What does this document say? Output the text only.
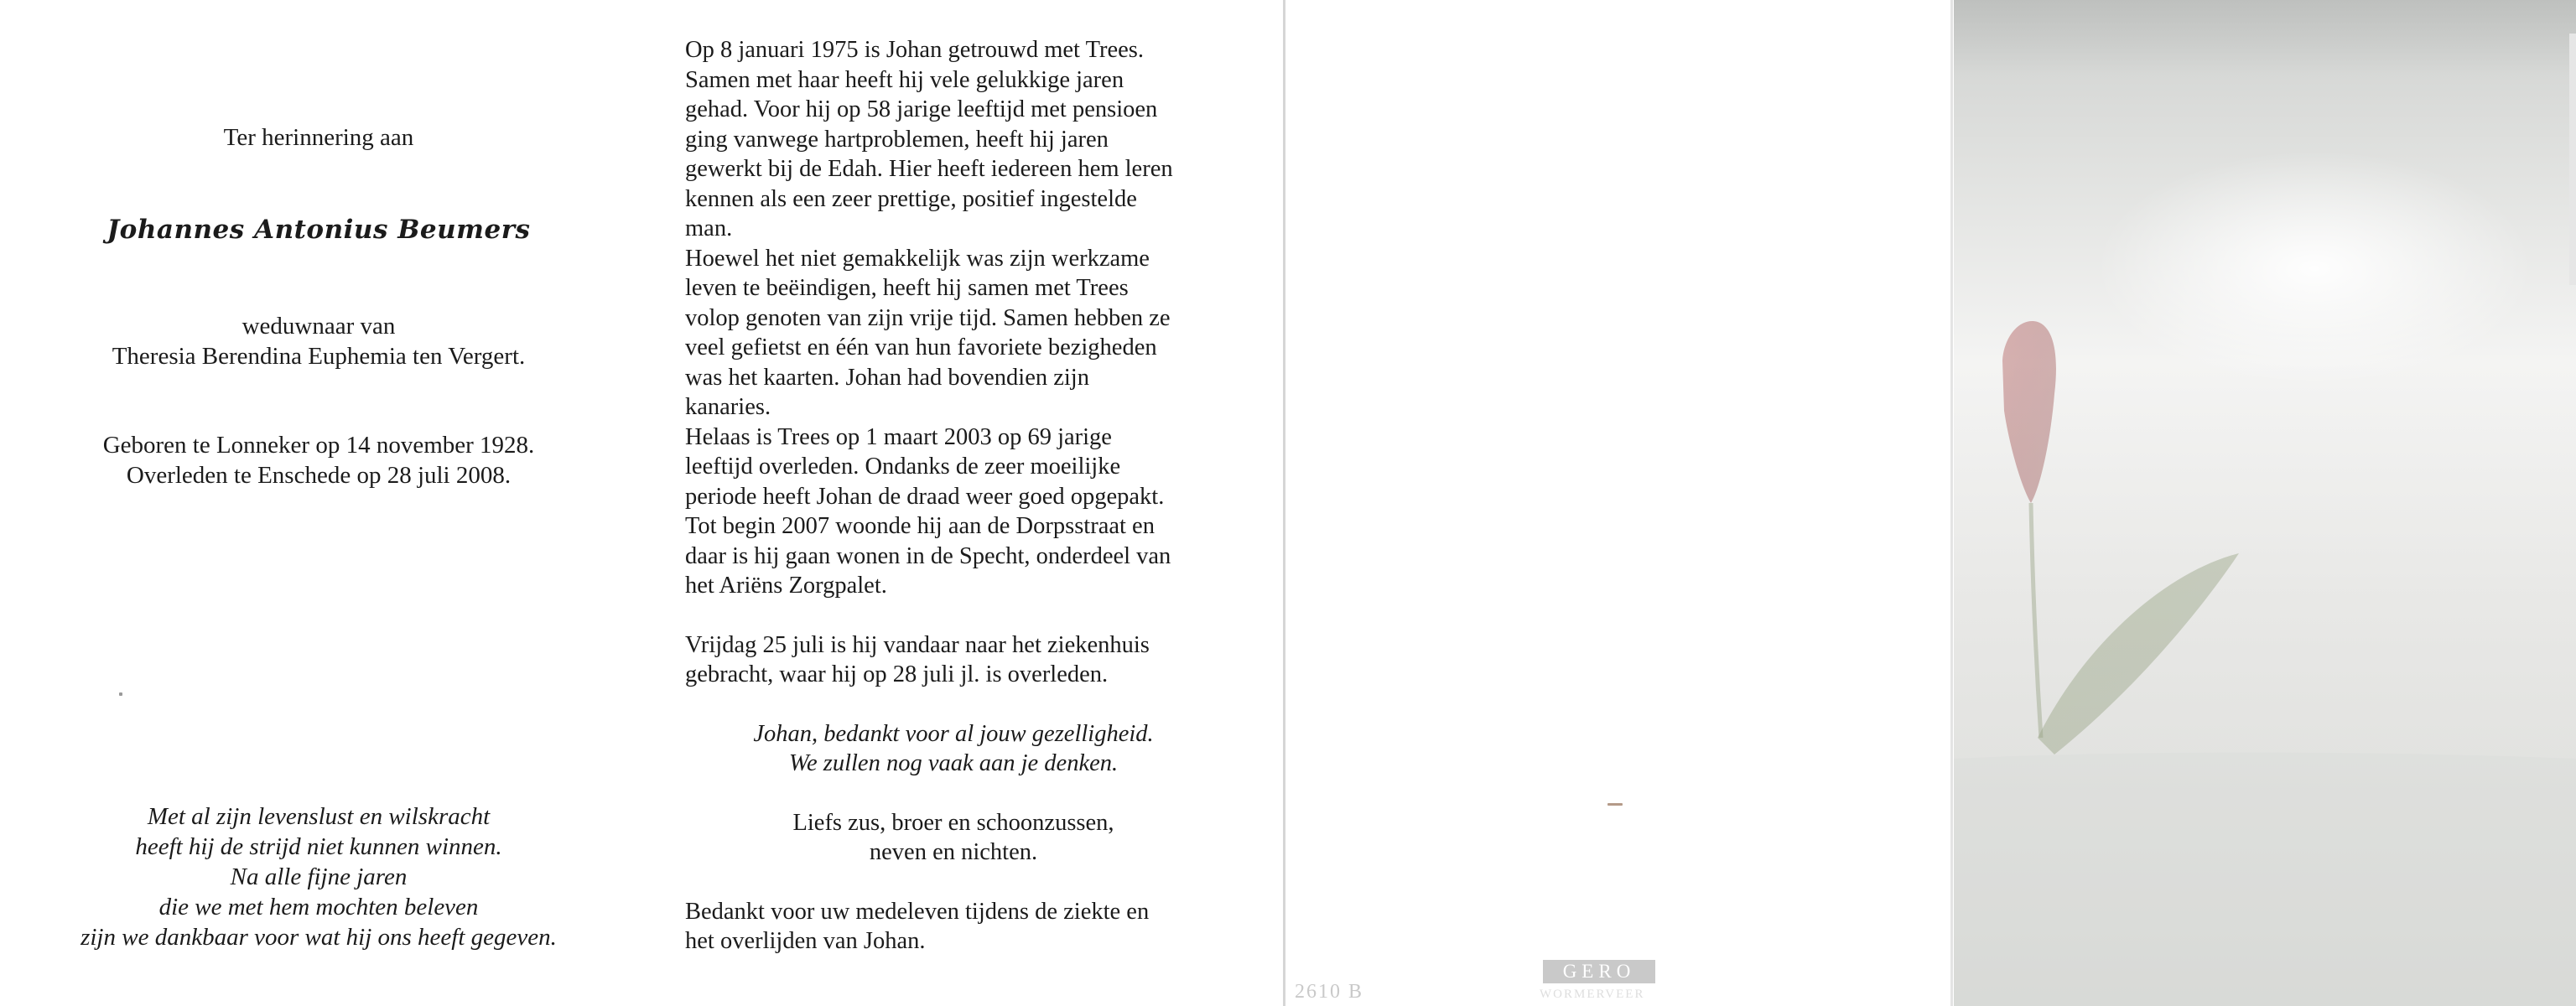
Ter herinnering aan
Johannes Antonius Beumers
weduwnaar van
Theresia Berendina Euphemia ten Vergert.
Geboren te Lonneker op 14 november 1928.
Overleden te Enschede op 28 juli 2008.
Met al zijn levenslust en wilskracht
heeft hij de strijd niet kunnen winnen.
Na alle fijne jaren
die we met hem mochten beleven
zijn we dankbaar voor wat hij ons heeft gegeven.

Op 8 januari 1975 is Johan getrouwd met Trees.

Samen met haar heeft hij vele gelukkige jaren

gehad. Voor hij op 58 jarige leeftijd met pensioen

ging vanwege hartproblemen, heeft hij jaren

gewerkt bij de Edah. Hier heeft iedereen hem leren

kennen als een zeer prettige, positief ingestelde

man.

Hoewel het niet gemakkelijk was zijn werkzame

leven te beëindigen, heeft hij samen met Trees

volop genoten van zijn vrije tijd. Samen hebben ze

veel gefietst en één van hun favoriete bezigheden

was het kaarten. Johan had bovendien zijn

kanaries.

Helaas is Trees op 1 maart 2003 op 69 jarige

leeftijd overleden. Ondanks de zeer moeilijke

periode heeft Johan de draad weer goed opgepakt.

Tot begin 2007 woonde hij aan de Dorpsstraat en

daar is hij gaan wonen in de Specht, onderdeel van

het Ariëns Zorgpalet.

Vrijdag 25 juli is hij vandaar naar het ziekenhuis

gebracht, waar hij op 28 juli jl. is overleden.

Johan, bedankt voor al jouw gezelligheid.

We zullen nog vaak aan je denken.

Liefs zus, broer en schoonzussen,

neven en nichten.

Bedankt voor uw medeleven tijdens de ziekte en

het overlijden van Johan.

2610 B
GERO
WORMERVEER
